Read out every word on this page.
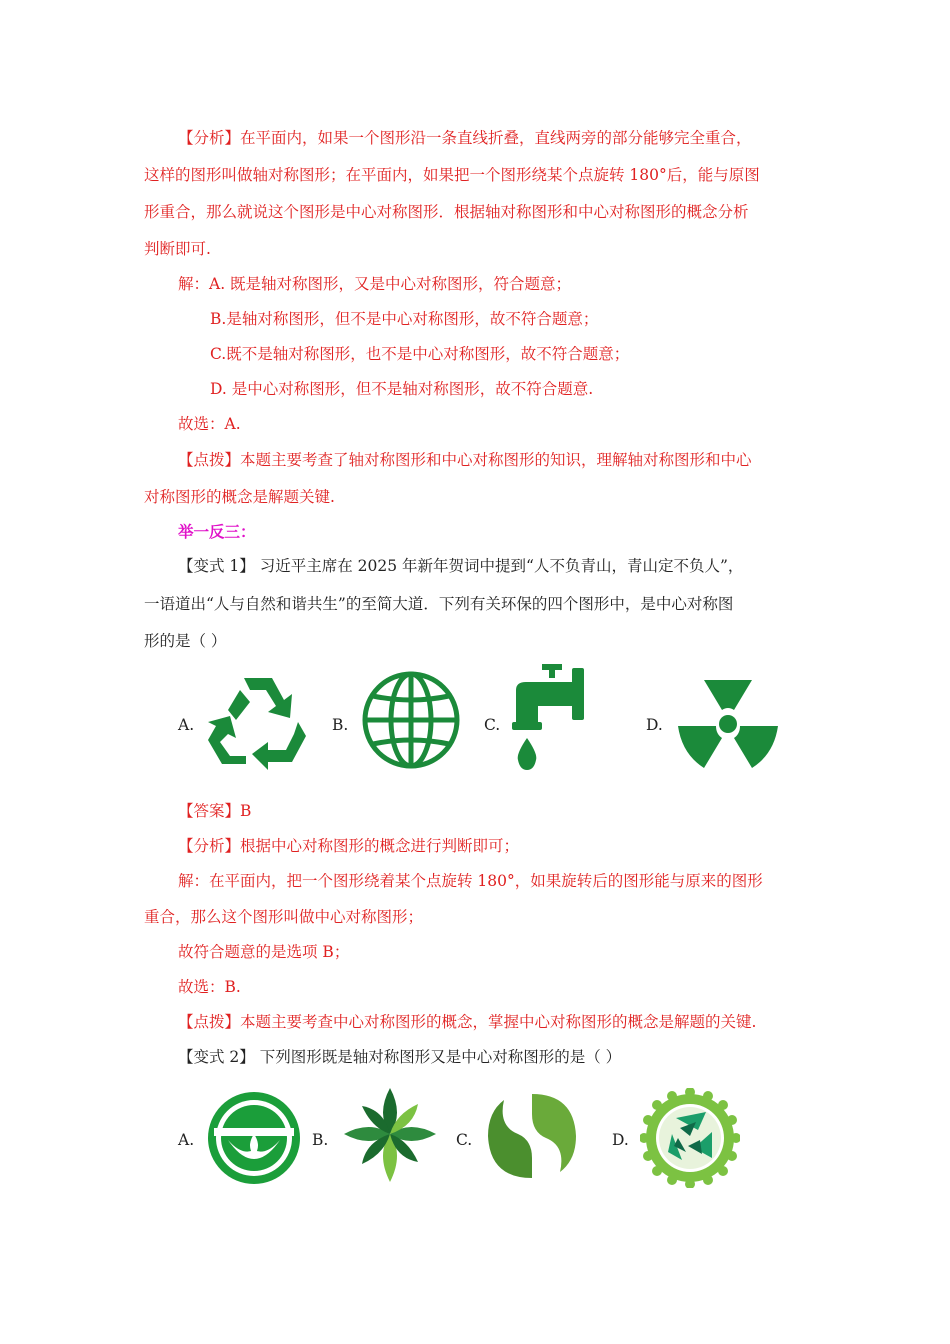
【分析】在平面内，如果一个图形沿一条直线折叠，直线两旁的部分能够完全重合，
这样的图形叫做轴对称图形；在平面内，如果把一个图形绕某个点旋转 180°后，能与原图
形重合，那么就说这个图形是中心对称图形．根据轴对称图形和中心对称图形的概念分析
判断即可.
解：A. 既是轴对称图形，又是中心对称图形，符合题意；
B.是轴对称图形，但不是中心对称图形，故不符合题意；
C.既不是轴对称图形，也不是中心对称图形，故不符合题意；
D. 是中心对称图形，但不是轴对称图形，故不符合题意.
故选：A.
【点拨】本题主要考查了轴对称图形和中心对称图形的知识，理解轴对称图形和中心
对称图形的概念是解题关键.
举一反三：
【变式 1】 习近平主席在 2025 年新年贺词中提到“人不负青山，青山定不负人”，
一语道出“人与自然和谐共生”的至简大道．下列有关环保的四个图形中，是中心对称图
形的是（ ）
A.	B.	C.	D.
【答案】B
【分析】根据中心对称图形的概念进行判断即可；
解：在平面内，把一个图形绕着某个点旋转 180°，如果旋转后的图形能与原来的图形
重合，那么这个图形叫做中心对称图形；
故符合题意的是选项 B；
故选：B.
【点拨】本题主要考查中心对称图形的概念，掌握中心对称图形的概念是解题的关键.
【变式 2】 下列图形既是轴对称图形又是中心对称图形的是（ ）
A.	B.	C.	D.
